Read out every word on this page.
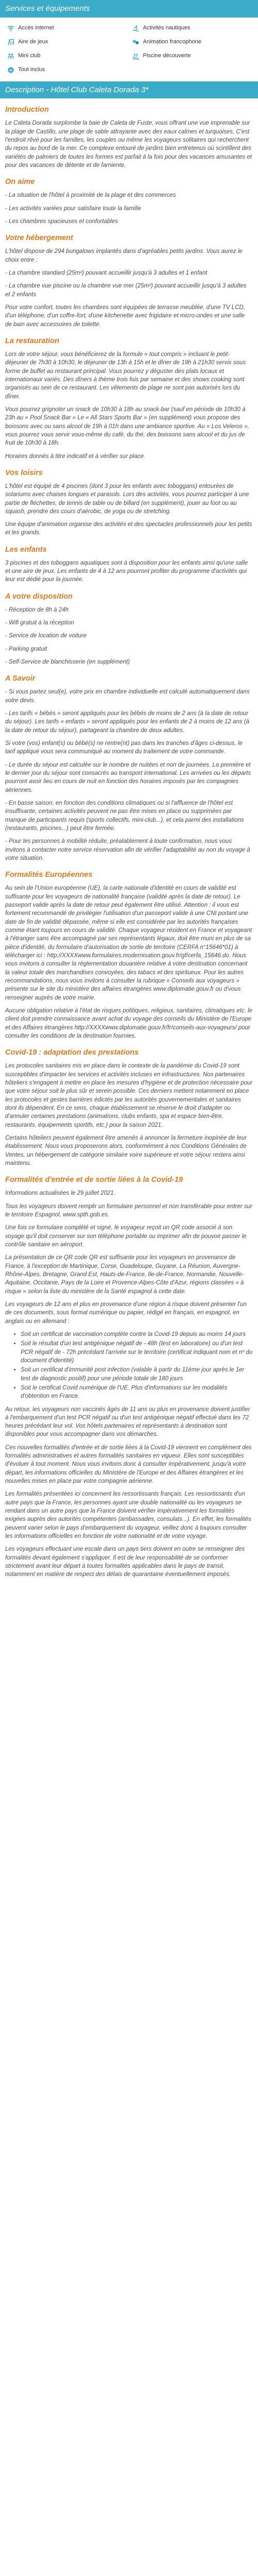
Services et équipements
Accès internet	Activités nautiques
Aire de jeux	Animation francophone
Mini club	Piscine découverte
AI Tout inclus
Description - Hôtel Club Caleta Dorada 3*
Introduction

Le Caleta Dorada surplombe la baie de Caleta de Fuste, vous offrant une vue imprenable sur la plage de Castillo, une plage de sable attrayante avec des eaux calmes et turquoises. C'est l'endroit rêvé pour les familles, les couples ou même les voyageurs solitaires qui recherchent du repos au bord de la mer. Ce complexe entouré de jardins bien entretenus où scintillent des variétés de palmiers de toutes les formes est parfait à la fois pour des vacances amusantes et pour des vacances de détente et de farniente.

On aime

- La situation de l'hôtel à proximité de la plage et des commerces

- Les activités variées pour satisfaire toute la famille

- Les chambres spacieuses et confortables

Votre hébergement

L'hôtel dispose de 294 bungalows implantés dans d'agréables petits jardins. Vous aurez le choix entre :

- La chambre standard (25m²) pouvant accueillir jusqu'à 3 adultes et 1 enfant

- La chambre vue piscine ou la chambre vue mer (25m²) pouvant accueillir jusqu'à 3 adultes et 2 enfants

Pour votre confort, toutes les chambres sont équipées de terrasse meublée, d'une TV LCD, d'un téléphone, d'un coffre-fort, d'une kitchenette avec frigidaire et micro-ondes et une salle de bain avec accessoires de toilette.

La restauration

Lors de votre séjour, vous bénéficierez de la formule « tout compris » incluant le petit-déjeuner de 7h30 à 10h30, le déjeuner de 13h à 15h et le dîner de 19h à 21h30 servis sous forme de buffet au restaurant principal. Vous pourrez y déguster des plats locaux et internationaux variés. Des dîners à thème trois fois par semaine et des shows cooking sont organisés au sein de ce restaurant. Les vêtements de plage ne sont pas autorisés lors du dîner.

Vous pourrez grignoter un snack de 10h30 à 18h au snack-bar (sauf en période de 10h30 à 23h au « Pool Snack Bar » Le « All Stars Sports Bar » (en supplément) vous propose des boissons avec ou sans alcool de 19h à 01h dans une ambiance sportive. Au « Los Veleros », vous pourrez vous servir vous-même du café, du thé, des boissons sans alcool et du jus de fruit de 10h30 à 18h.

Horaires donnés à titre indicatif et à vérifier sur place.

Vos loisirs

L'hôtel est équipé de 4 piscines (dont 3 pour les enfants avec toboggans) entourées de solariums avec chaises longues et parasols. Lors des activités, vous pourrez participer à une partie de fléchettes, de tennis de table ou de billard (en supplément), jouer au foot ou au squash, prendre des cours d'aérobic, de yoga ou de stretching.

Une équipe d'animation organise des activités et des spectacles professionnels pour les petits et les grands.

Les enfants

3 piscines et des toboggans aquatiques sont à disposition pour les enfants ainsi qu'une salle et une aire de jeux. Les enfants de 4 à 12 ans pourront profiter du programme d'activités qui leur est dédié pour la journée.

A votre disposition

- Réception de 8h à 24h

- Wifi gratuit à la réception

- Service de location de voiture

- Parking gratuit

- Self-Service de blanchisserie (en supplément)

A Savoir

- Si vous partez seul(e), votre prix en chambre individuelle est calculé automatiquement dans votre devis.

- Les tarifs « bébés » seront appliqués pour les bébés de moins de 2 ans (à la date de retour du séjour). Les tarifs « enfants » seront appliqués pour les enfants de 2 à moins de 12 ans (à la date de retour du séjour), partageant la chambre de deux adultes.

Si votre (vos) enfant(s) ou bébé(s) ne rentre(nt) pas dans les tranches d'âges ci-dessus, le tarif appliqué vous sera communiqué au moment du traitement de votre commande.

- Le durée du séjour est calculée sur le nombre de nuitées et non de journées. La première et le dernier jour du séjour sont consacrés au transport international. Les arrivées ou les départs pourront avoir lieu en cours de nuit en fonction des horaires imposés par les compagnies aériennes.

- En basse saison, en fonction des conditions climatiques ou si l'affluence de l'hôtel est insuffisante, certaines activités peuvent ne pas être mises en place ou supprimées par manque de participants requis (sports collectifs, mini-club...), et cela parmi des installations (restaurants, piscines...) peut être fermée.

- Pour les personnes à mobilité réduite, préalablement à toute confirmation, nous vous invitons à contacter notre service réservation afin de vérifier l'adaptabilité au non du voyage à votre situation.

Formalités Européennes

Au sein de l'Union européenne (UE), la carte nationale d'identité en cours de validité est suffisante pour les voyageurs de nationalité française (validité après la date de retour). Le passeport valide après la date de retour peut également être utilisé. Attention : il vous est fortement recommandé de privilégier l'utilisation d'un passeport valide à une CNI portant une date de fin de validité dépassée, même si elle est considérée par les autorités françaises comme étant toujours en cours de validité. Chaque voyageur résident en France et voyageant à l'étranger sans être accompagné par ses représentants légaux, doit être muni en plus de sa pièce d'identité, du formulaire d'autorisation de sortie de territoire (CERFA n°15646*01) à télécharger ici : http://XXXXwww.formulaires.modernisation.gouv.fr/gf/cerfa_15646.do. Nous vous invitons à consulter la réglementation douanière relative à votre destination concernant la valeur totale des marchandises convoyées, des tabacs et des spiritueux. Pour les autres recommandations, nous vous invitons à consulter la rubrique « Conseils aux voyageurs » présente sur le site du ministère des affaires étrangères www.diplomatie.gouv.fr ou d'vous renseigner auprès de votre mairie.

Aucune obligation relative à l'état de risques politiques, religieux, sanitaires, climatiques etc. le client doit prendre connaissance avant achat du voyage des conseils du Ministère de l'Europe et des Affaires étrangères http://XXXXwww.diplomatie.gouv.fr/fr/conseils-aux-voyageurs/ pour consulter les conditions de la destination fournies.

Covid-19 : adaptation des prestations

Les protocoles sanitaires mis en place dans le contexte de la pandémie du Covid-19 sont susceptibles d'impacter les services et activités incluses en infrastructures. Nos partenaires hôteliers s'engagent à mettre en place les mesures d'hygiène et de protection nécessaire pour que votre séjour soit le plus sûr et serein possible. Ces derniers mettent notamment en place les protocoles et gestes barrières édictés par les autorités gouvernementales et sanitaires dont ils dépendent. En ce sens, chaque établissement se réserve le droit d'adapter ou d'annuler certaines prestations (animations, clubs enfants, spa et espace bien-être, restaurants, équipements sportifs, etc.) pour la saison 2021.

Certains hôteliers peuvent également être amenés à annoncer la fermeture inopinée de leur établissement. Nous vous proposerons alors, conformément à nos Conditions Générales de Ventes, un hébergement de catégorie similaire voire supérieure et votre séjour restera ainsi maintenu.

Formalités d'entrée et de sortie liées à la Covid-19

Informations actualisées le 29 juillet 2021.

Tous les voyageurs doivent remplir un formulaire personnel et non transférable pour entrer sur le territoire Espagnol, www.spth.gob.es.

Une fois ce formulaire complété et signé, le voyageur reçoit un QR code associé à son voyage qu'il doit conserver sur son téléphone portable ou imprimer afin de pouvoir passer le contrôle sanitaire en aéroport.

La présentation de ce QR code QR est suffisante pour les voyageurs en provenance de France, à l'exception de Martinique, Corse, Guadeloupe, Guyane, La Réunion, Auvergne-Rhône-Alpes, Bretagne, Grand Est, Hauts-de-France, Ile-de-France, Normandie, Nouvelle-Aquitaine, Occitanie, Pays de la Loire et Provence-Alpes-Côte d'Azur, régions classées « à risque » selon la liste du ministère de la Santé espagnol à cette date.

Les voyageurs de 12 ans et plus en provenance d'une région à risque doivent présenter l'un de ces documents, sous format numérique ou papier, rédigé en français, en espagnol, en anglais ou en allemand :

• Soit un certificat de vaccination complète contre la Covid-19 depuis au moins 14 jours
• Soit le résultat d'un test antigénique négatif de - 48h (test en laboratoire) ou d'un test PCR négatif de - 72h précédant l'arrivée sur le territoire (certificat indiquant nom et nº du document d'identité)
• Soit un certificat d'immunité post infection (valable à partir du 11ème jour après le 1er test de diagnostic positif) pour une période totale de 180 jours
• Soit le certificat Covid numérique de l'UE. Plus d'informations sur les modalités d'obtention en France.

Au retour, les voyageurs non vaccinés âgés de 11 ans ou plus en provenance doivent justifier à l'embarquement d'un test PCR négatif ou d'un test antigénique négatif effectué dans les 72 heures précédant leur vol. Vos hôtels partenaires et représentants à destination sont disponibles pour vous accompagner dans vos démarches.

Ces nouvelles formalités d'entrée et de sortie liées à la Covid-19 viennent en complément des formalités administratives et autres formalités sanitaires en vigueur. Elles sont susceptibles d'évoluer à tout moment. Nous vous invitons donc à consulter impérativement, jusqu'à votre départ, les informations officielles du Ministère de l'Europe et des Affaires étrangères et les nouvelles mises en place par votre compagnie aérienne.

Les formalités présentées ici concernent les ressortissants français. Les ressortissants d'un autre pays que la France, les personnes ayant une double nationalité ou les voyageurs se rendant dans un autre pays que la France doivent vérifier impérativement les formalités exigées auprès des autorités compétentes (ambassades, consulats...). En effet, les formalités peuvent varier selon le pays d'embarquement du voyageur, veillez donc à toujours consulter les informations officielles en fonction de votre nationalité et de votre voyage.

Les voyageurs effectuant une escale dans un pays tiers doivent en outre se renseigner des formalités devant également s'appliquer. Il est de leur responsabilité de se conformer strictement avant leur départ à toutes formalités applicables dans le pays de transit, notamment en matière de respect des délais de quarantaine éventuellement imposés.
